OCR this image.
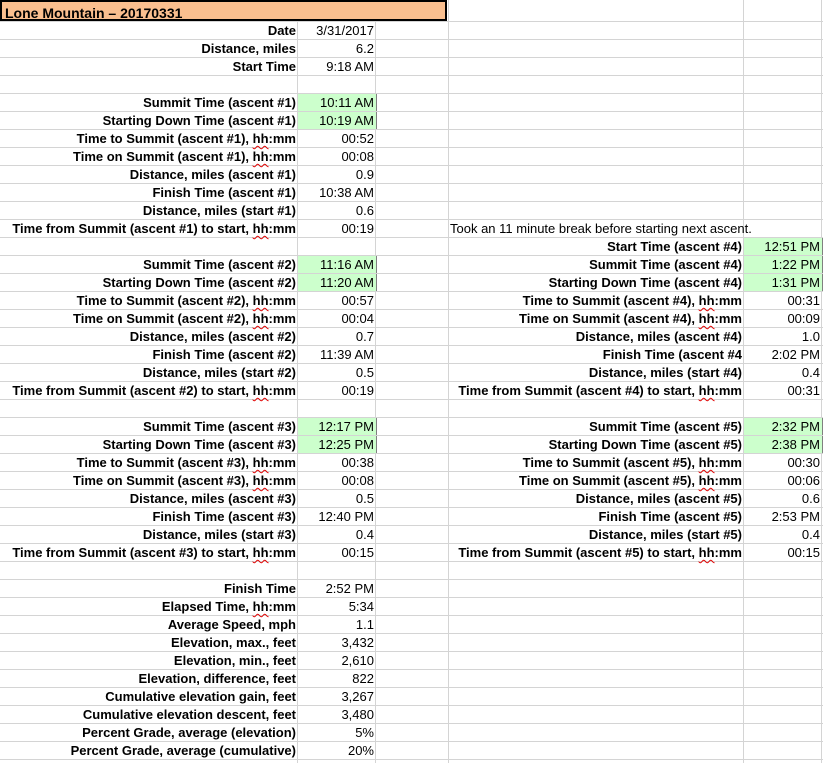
Lone Mountain – 20170331
Date	3/31/2017
Distance, miles	6.2
Start Time	9:18 AM
Summit Time (ascent #1)	10:11 AM
Starting Down Time (ascent #1)	10:19 AM
Time to Summit (ascent #1), hh:mm	00:52
Time on Summit (ascent #1), hh:mm	00:08
Distance, miles (ascent #1)	0.9
Finish Time (ascent #1)	10:38 AM
Distance, miles (start #1)	0.6
Time from Summit (ascent #1) to start, hh:mm	00:19
Summit Time (ascent #2)	11:16 AM
Starting Down Time (ascent #2)	11:20 AM
Time to Summit (ascent #2), hh:mm	00:57
Time on Summit (ascent #2), hh:mm	00:04
Distance, miles (ascent #2)	0.7
Finish Time (ascent #2)	11:39 AM
Distance, miles (start #2)	0.5
Time from Summit (ascent #2) to start, hh:mm	00:19
Summit Time (ascent #3)	12:17 PM
Starting Down Time (ascent #3)	12:25 PM
Time to Summit (ascent #3), hh:mm	00:38
Time on Summit (ascent #3), hh:mm	00:08
Distance, miles (ascent #3)	0.5
Finish Time (ascent #3)	12:40 PM
Distance, miles (start #3)	0.4
Time from Summit (ascent #3) to start, hh:mm	00:15
Finish Time	2:52 PM
Elapsed Time, hh:mm	5:34
Average Speed, mph	1.1
Elevation, max., feet	3,432
Elevation, min., feet	2,610
Elevation, difference, feet	822
Cumulative elevation gain, feet	3,267
Cumulative elevation descent, feet	3,480
Percent Grade, average (elevation)	5%
Percent Grade, average (cumulative)	20%
Took an 11 minute break before starting next ascent.
Start Time (ascent #4)	12:51 PM
Summit Time (ascent #4)	1:22 PM
Starting Down Time (ascent #4)	1:31 PM
Time to Summit (ascent #4), hh:mm	00:31
Time on Summit (ascent #4), hh:mm	00:09
Distance, miles (ascent #4)	1.0
Finish Time (ascent #4	2:02 PM
Distance, miles (start #4)	0.4
Time from Summit (ascent #4) to start, hh:mm	00:31
Summit Time (ascent #5)	2:32 PM
Starting Down Time (ascent #5)	2:38 PM
Time to Summit (ascent #5), hh:mm	00:30
Time on Summit (ascent #5), hh:mm	00:06
Distance, miles (ascent #5)	0.6
Finish Time (ascent #5)	2:53 PM
Distance, miles (start #5)	0.4
Time from Summit (ascent #5) to start, hh:mm	00:15
